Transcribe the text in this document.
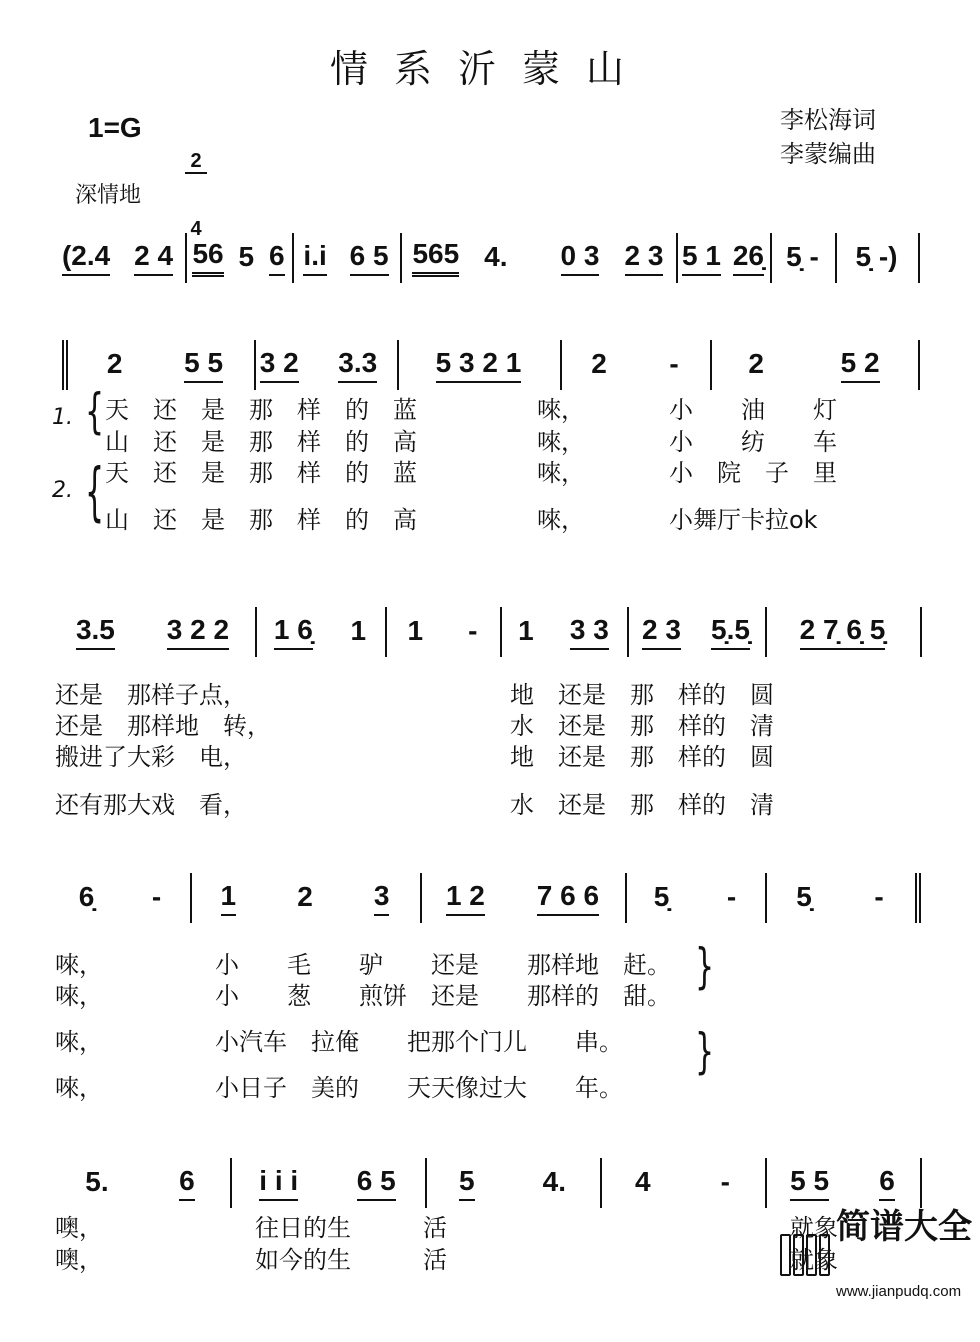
情系沂蒙山
1=G

$\frac{2}{4}$

	李松海词
李蒙编曲
深情地
(2.4 2 4 56 5 6 i.i 6 5 565 4. 0 3 2 3 5 1 26̣ 5̣ - 5̣ -)
2 5 5 3 2 3.3 5 3 2 1 2 - 2	5 2
天　还　是　那　样　的　蓝　　　　　唻，　　　　小　　油　　灯
山　还　是　那　样　的　高　　　　　唻，　　　　小　　纺　　车
天　还　是　那　样　的　蓝　　　　　唻，　　　　小　院　子　里
山　还　是　那　样　的　高　　　　　唻，　　　　小舞厅卡拉ok
1.
2.
{
{
3.5 3 2 2 1 6̣ 1 1 - 1 3 3 2 3 5̣.5̣ 2 7̣ 6̣ 5̣
还是　那样子点，	地　还是　那　样的　圆
还是　那样地　转，	水　还是　那　样的　清
搬进了大彩　电，	地　还是　那　样的　圆
还有那大戏　看，	水　还是　那　样的　清
6̣ - 1 2 3 1 2 7 6 6 5̣ - 5̣ -
唻，	小　　毛　　驴　　还是　　那样地　赶。
唻，	小　　葱　　煎饼　还是　　那样的　甜。
唻，	小汽车　拉俺　　把那个门儿　　串。
唻，	小日子　美的　　天天像过大　　年。
}
}
5.	6 i i i 6 5 5 4. 4	- 5 5 6
噢，	往日的生　　　活	就象
噢，	如今的生　　　活	就象

简谱大全

www.jianpudq.com
